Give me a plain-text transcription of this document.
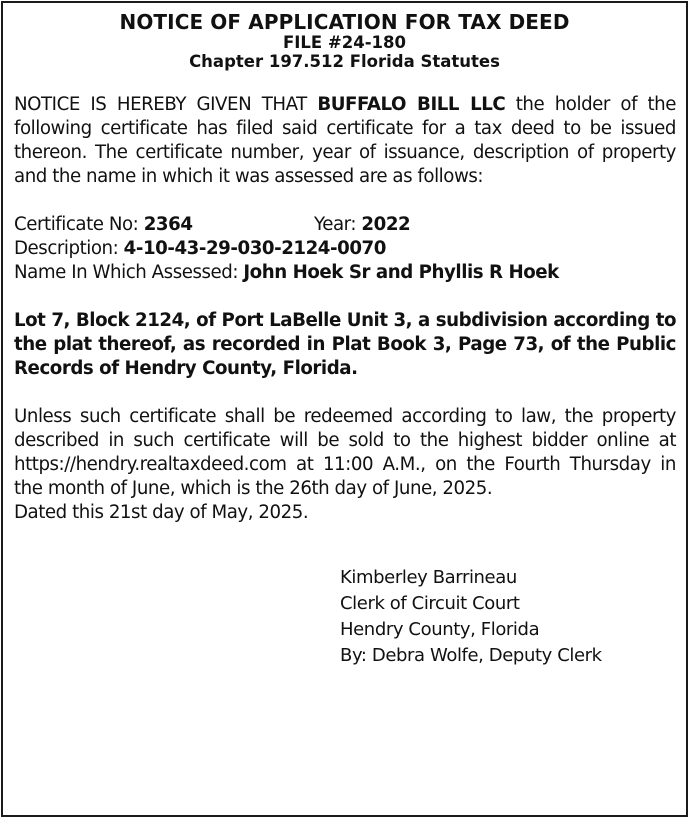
NOTICE OF APPLICATION FOR TAX DEED
FILE #24-180
Chapter 197.512 Florida Statutes

NOTICE IS HEREBY GIVEN THAT BUFFALO BILL LLC the holder of the following certificate has filed said certificate for a tax deed to be issued thereon. The certificate number, year of issuance, description of property and the name in which it was assessed are as follows:

Certificate No: 2364	Year: 2022
Description: 4-10-43-29-030-2124-0070
Name In Which Assessed: John Hoek Sr and Phyllis R Hoek

Lot 7, Block 2124, of Port LaBelle Unit 3, a subdivision according to the plat thereof, as recorded in Plat Book 3, Page 73, of the Public Records of Hendry County, Florida.

Unless such certificate shall be redeemed according to law, the property described in such certificate will be sold to the highest bidder online at https://hendry.realtaxdeed.com at 11:00 A.M., on the Fourth Thursday in the month of June, which is the 26th day of June, 2025.

Dated this 21st day of May, 2025.

Kimberley Barrineau
Clerk of Circuit Court
Hendry County, Florida
By: Debra Wolfe, Deputy Clerk
